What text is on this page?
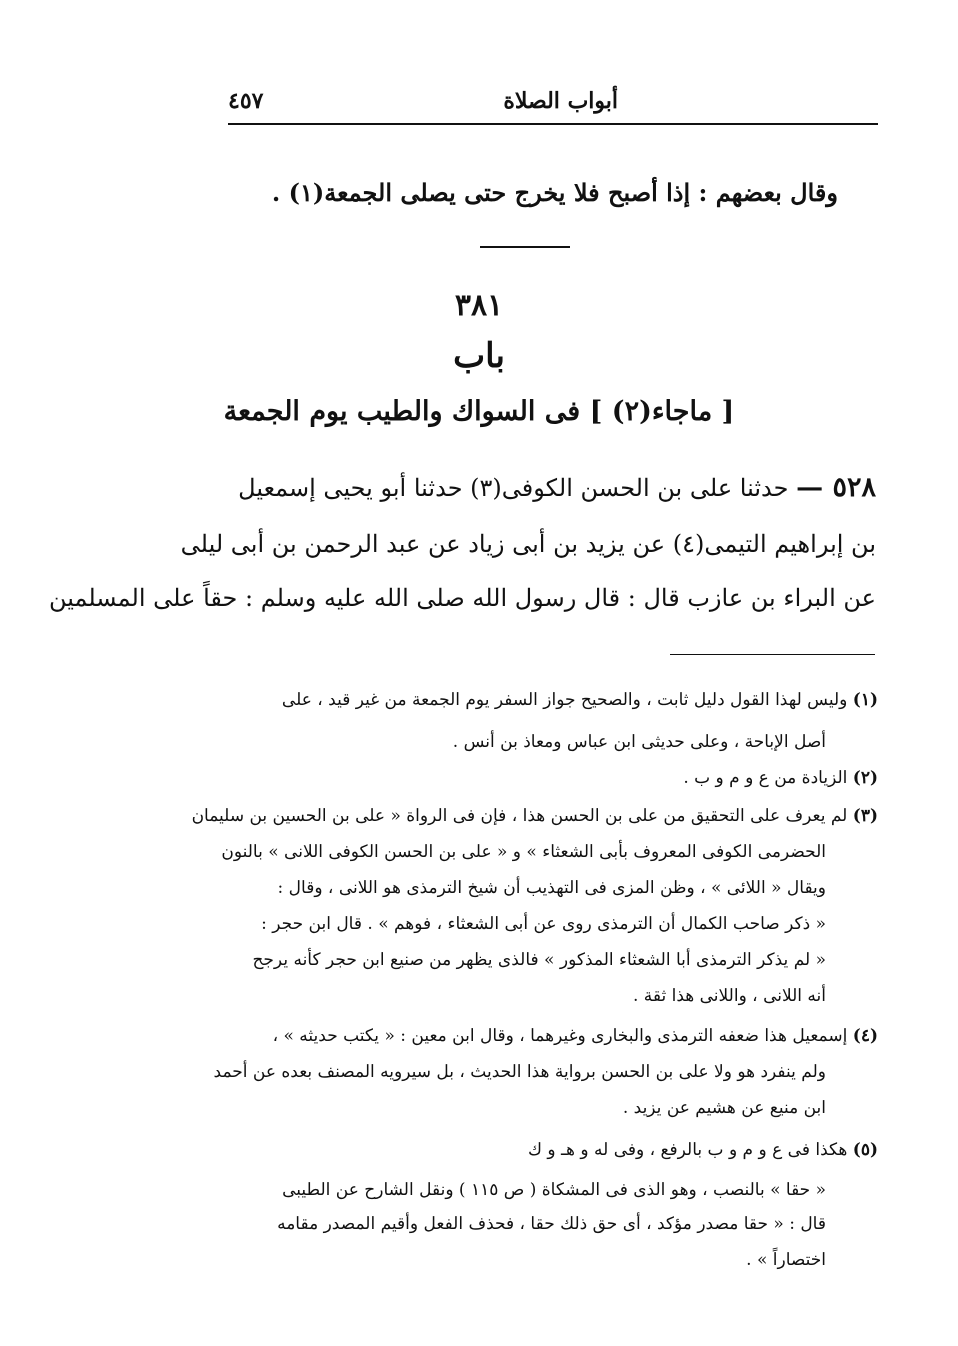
٤٥٧	أبواب الصلاة
وقال بعضهم : إذا أصبح فلا يخرج حتى يصلى الجمعة(١) .
٣٨١
باب
[ ماجاء(٢) ] فى السواك والطيب يوم الجمعة
٥٢٨ — حدثنا على بن الحسن الكوفى(٣) حدثنا أبو يحيى إسمعيل
بن إبراهيم التيمى(٤) عن يزيد بن أبى زياد عن عبد الرحمن بن أبى ليلى
عن البراء بن عازب قال : قال رسول الله صلى الله عليه وسلم : حقاً على المسلمين
(١) وليس لهذا القول دليل ثابت ، والصحيح جواز السفر يوم الجمعة من غير قيد ، على
أصل الإباحة ، وعلى حديثى ابن عباس ومعاذ بن أنس .
(٢) الزيادة من ع و م و ب .
(٣) لم يعرف على التحقيق من على بن الحسن هذا ، فإن فى الرواة « على بن الحسين بن سليمان
الحضرمى الكوفى المعروف بأبى الشعثاء » و « على بن الحسن الكوفى اللانى » بالنون
ويقال « اللائى » ، وظن المزى فى التهذيب أن شيخ الترمذى هو اللانى ، وقال :
« ذكر صاحب الكمال أن الترمذى روى عن أبى الشعثاء ، فوهم » . قال ابن حجر :
« لم يذكر الترمذى أبا الشعثاء المذكور » فالذى يظهر من صنيع ابن حجر كأنه يرجح
أنه اللانى ، واللانى هذا ثقة .
(٤) إسمعيل هذا ضعفه الترمذى والبخارى وغيرهما ، وقال ابن معين : « يكتب حديثه » ،
ولم ينفرد هو ولا على بن الحسن برواية هذا الحديث ، بل سيرويه المصنف بعده عن أحمد
ابن منيع عن هشيم عن يزيد .
(٥) هكذا فى ع و م و ب بالرفع ، وفى له و هـ و ك
« حقا » بالنصب ، وهو الذى فى المشكاة ( ص ١١٥ ) ونقل الشارح عن الطيبى
قال : « حقا مصدر مؤكد ، أى حق ذلك حقا ، فحذف الفعل وأقيم المصدر مقامه
اختصاراً » .
